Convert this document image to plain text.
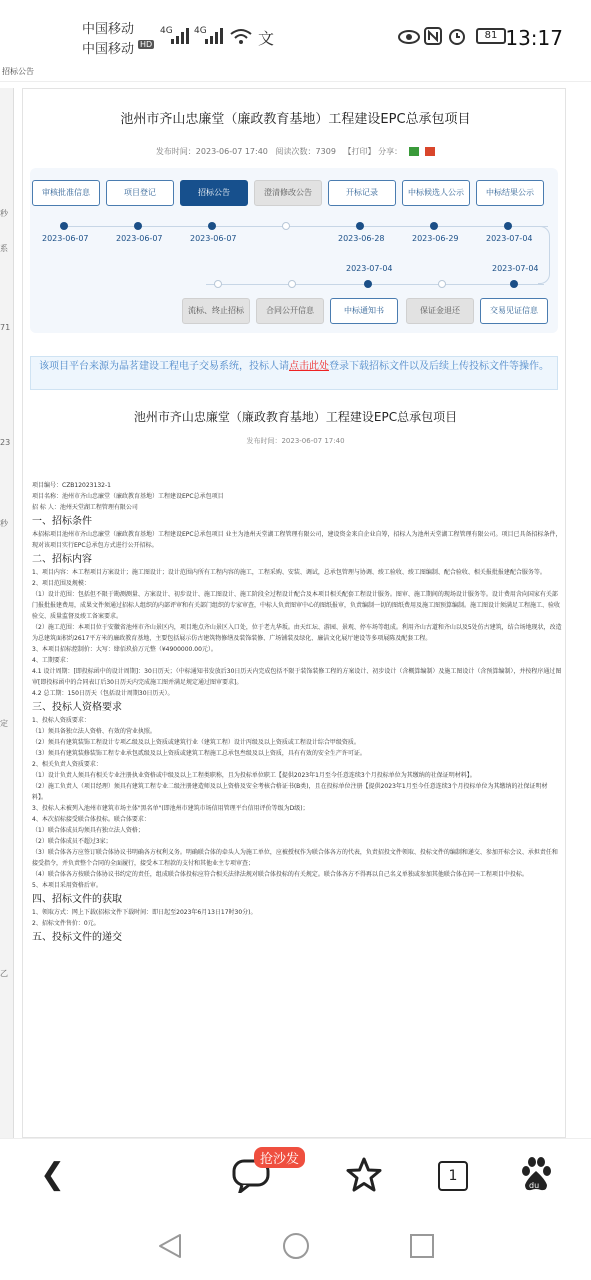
中国移动
中国移动 HD
4G 4G	文	81 13:17
招标公告
秒
系
71
23
秒
定
乙
池州市齐山忠廉堂（廉政教育基地）工程建设EPC总承包项目
发布时间：2023-06-07 17:40 阅读次数：7309 【打印】 分享：
审核批准信息	项目登记	招标公告	澄清修改公告	开标记录	中标候选人公示	中标结果公示
2023-06-07	2023-06-07	2023-06-07	2023-06-28	2023-06-29	2023-07-04
2023-07-04	2023-07-04
流标、终止招标	合同公开信息	中标通知书	保证金退还	交易见证信息
该项目平台来源为晶茗建设工程电子交易系统，投标人请点击此处登录下载招标文件以及后续上传投标文件等操作。
池州市齐山忠廉堂（廉政教育基地）工程建设EPC总承包项目
发布时间：2023-06-07 17:40

项目编号：CZB12023132-1

项目名称：池州市齐山忠廉堂（廉政教育基地）工程建设EPC总承包项目

招 标 人：池州天堂湖工程管理有限公司

一、招标条件

本招标项目池州市齐山忠廉堂（廉政教育基地）工程建设EPC总承包项目 业主为池州天堂湖工程管理有限公司，建设资金来自企业自筹，招标人为池州天堂湖工程管理有限公司。项目已具备招标条件，现对该项目实行EPC总承包方式进行公开招标。

二、招标内容

1、项目内容：本工程项目方案设计；施工图设计；设计范围内所有工程内容的施工，工程采购、安装、调试，总承包管理与协调、竣工验收、竣工图编制、配合验收、相关报批报建配合服务等。

2、项目范围及规模：

（1）设计范围：包括但不限于勘测测量、方案设计、初步设计、施工图设计、施工阶段全过程设计配合及本项目相关配套工程设计服务。图审、施工期间的现场设计服务等。设计费用含向国家有关部门报批报建费用，成果文件须通过招标人组织的内部评审和有关部门组织的专家审查，中标人负责图审中心的图纸报审，负责编制一切的图纸费用及施工图预算编制。施工图设计须满足工程施工、验收验交、质量监督及竣工备案要求。

（2）施工范围：本项目位于安徽省池州市齐山景区内，项目地点齐山景区入口处，位于老九华坂。由天红坛、游园、景观、停车场等组成。利用齐山古道和齐山以及5处仿古建筑，结合场地现状，改造为总建筑面积约2617平方米的廉政教育基地，主要包括展示仿古建筑物修缮及装饰装修、广场铺装及绿化、廉洁文化展厅建设等多项展陈及配套工程。

3、本项目招标控制价：大写：肆佰玖拾万元整（¥4900000.00元）。

4、工期要求：

4.1 设计周期：[即投标函中的设计周期]：30日历天；（中标通知书发放后30日历天内完成包括不限于装饰装修工程的方案设计、初步设计（含概算编制）及施工图设计（含预算编制），并按程序通过图审[即投标函中的合同表订后30日历天内完成施工图并满足规定通过图审要求]。

4.2 总工期：150日历天（包括设计周期30日历天）。

三、投标人资格要求

1、投标人资质要求：

（1）须具备独立法人资格、有效的营业执照。

（2）须具有建筑装饰工程设计专项乙级及以上资质或建筑行业（建筑工程）设计丙级及以上资质或工程设计综合甲级资质。

（3）须具有建筑装修装饰工程专业承包贰级及以上资质或建筑工程施工总承包叁级及以上资质，具有有效的安全生产许可证。

2、相关负责人资质要求：

（1）设计负责人须具有相关专业注册执业资格或中级及以上工程类职称，且为投标单位职工【提供2023年1月至今任意连续3个月投标单位为其缴纳的社保证明材料】。

（2）施工负责人（项目经理）须具有建筑工程专业二级注册建造师及以上资格及安全考核合格证书(B类)，且在投标单位注册【提供2023年1月至今任意连续3个月投标单位为其缴纳的社保证明材料】。

3、投标人未被列入池州市建筑市场主体"黑名单"(即池州市建筑市场信用管理平台信用评价等级为D级)；

4、本次招标接受联合体投标。联合体要求：

（1）联合体成员均须具有独立法人资格；

（2）联合体成员不超过3家；

（3）联合体各方应签订联合体协议书明确各方权利义务。明确联合体的牵头人为施工单位，应被授权作为联合体各方的代表，负责招投文件领取、投标文件的编制和递交、参加开标会议、承担责任和接受指令，并负责整个合同的全面履行，接受本工程款的支付和其他业主专项审查；

（4）联合体各方按联合体协议书约定的责任，组成联合体投标应符合相关法律法规对联合体投标的有关规定。联合体各方不得再以自己名义单独或参加其他联合体在同一工程项目中投标。

5、本项目采用资格后审。

四、招标文件的获取

1、领取方式：网上下载(招标文件下载时间：即日起至2023年6月13日17时30分)。

2、招标文件售价：0元。

五、投标文件的递交
❮	抢沙发
1
du
